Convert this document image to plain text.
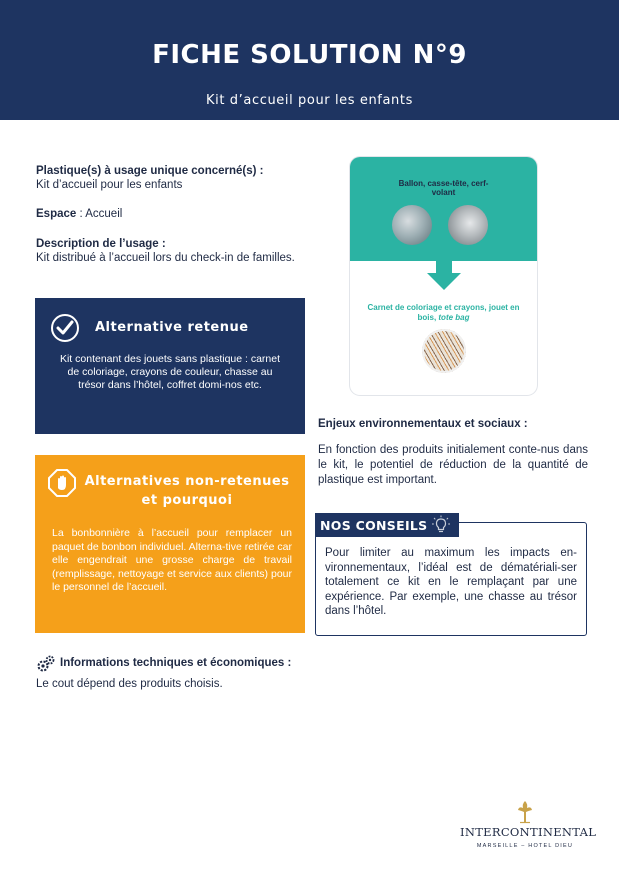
FICHE SOLUTION N°9
Kit d’accueil pour les enfants
Plastique(s) à usage unique concerné(s) :
Kit d’accueil pour les enfants
Espace : Accueil
Description de l’usage :
Kit distribué à l’accueil lors du check-in de familles.
Alternative retenue
Kit contenant des jouets sans plastique : carnet de coloriage, crayons de couleur, chasse au trésor dans l’hôtel, coffret domi-nos etc.
Alternatives non-retenues et pourquoi
La bonbonnière à l’accueil pour remplacer un paquet de bonbon individuel. Alterna-tive retirée car elle engendrait une grosse charge de travail (remplissage, nettoyage et service aux clients) pour le personnel de l’accueil.
Informations techniques et économiques :
Le cout dépend des produits choisis.
Ballon, casse-tête, cerf-volant
Carnet de coloriage et crayons, jouet en bois, tote bag
Enjeux environnementaux et sociaux :
En fonction des produits initialement conte-nus dans le kit, le potentiel de réduction de la quantité de plastique est important.
NOS CONSEILS
Pour limiter au maximum les impacts en-vironnementaux, l’idéal est de dématériali-ser totalement ce kit en le remplaçant par une expérience. Par exemple, une chasse au trésor dans l’hôtel.
INTERCONTINENTAL
MARSEILLE – HOTEL DIEU
